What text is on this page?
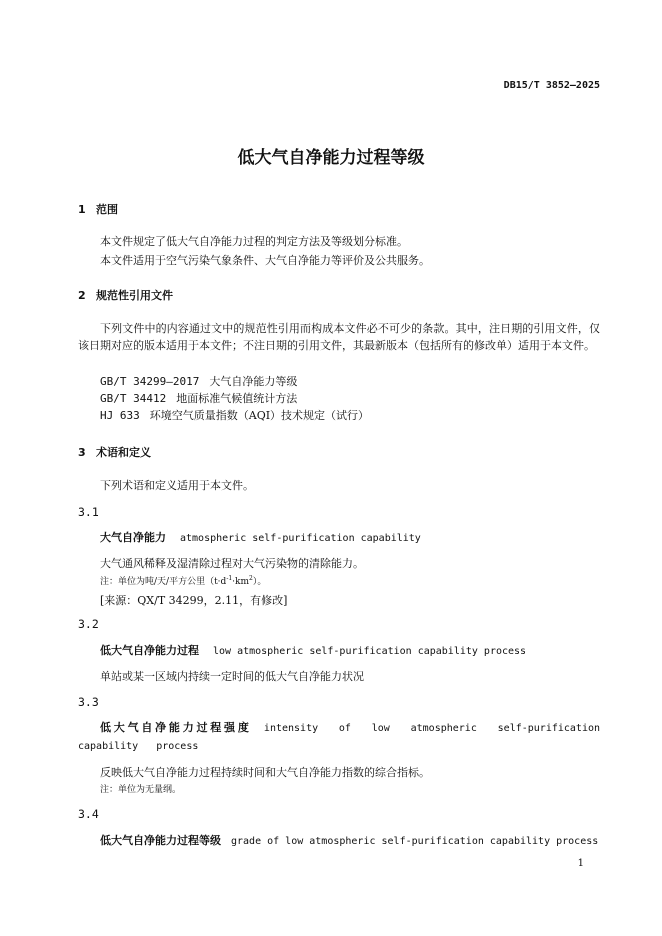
DB15/T 3852—2025
低大气自净能力过程等级
1 范围
本文件规定了低大气自净能力过程的判定方法及等级划分标准。
本文件适用于空气污染气象条件、大气自净能力等评价及公共服务。
2 规范性引用文件
下列文件中的内容通过文中的规范性引用而构成本文件必不可少的条款。其中，注日期的引用文件，仅该日期对应的版本适用于本文件；不注日期的引用文件，其最新版本（包括所有的修改单）适用于本文件。
GB/T 34299—2017 大气自净能力等级
GB/T 34412 地面标准气候值统计方法
HJ 633 环境空气质量指数（AQI）技术规定（试行）
3 术语和定义
下列术语和定义适用于本文件。
3.1
大气自净能力 atmospheric self-purification capability
大气通风稀释及湿清除过程对大气污染物的清除能力。
注：单位为吨/天/平方公里$(t\cdot d^{-1}\cdot km^2)$。
[来源：QX/T 34299，2.11，有修改]
3.2
低大气自净能力过程 low atmospheric self-purification capability process
单站或某一区域内持续一定时间的低大气自净能力状况
3.3
低大气自净能力过程强度 intensity of low atmospheric self-purification capability process
反映低大气自净能力过程持续时间和大气自净能力指数的综合指标。
注：单位为无量纲。
3.4
低大气自净能力过程等级 grade of low atmospheric self-purification capability process
1
